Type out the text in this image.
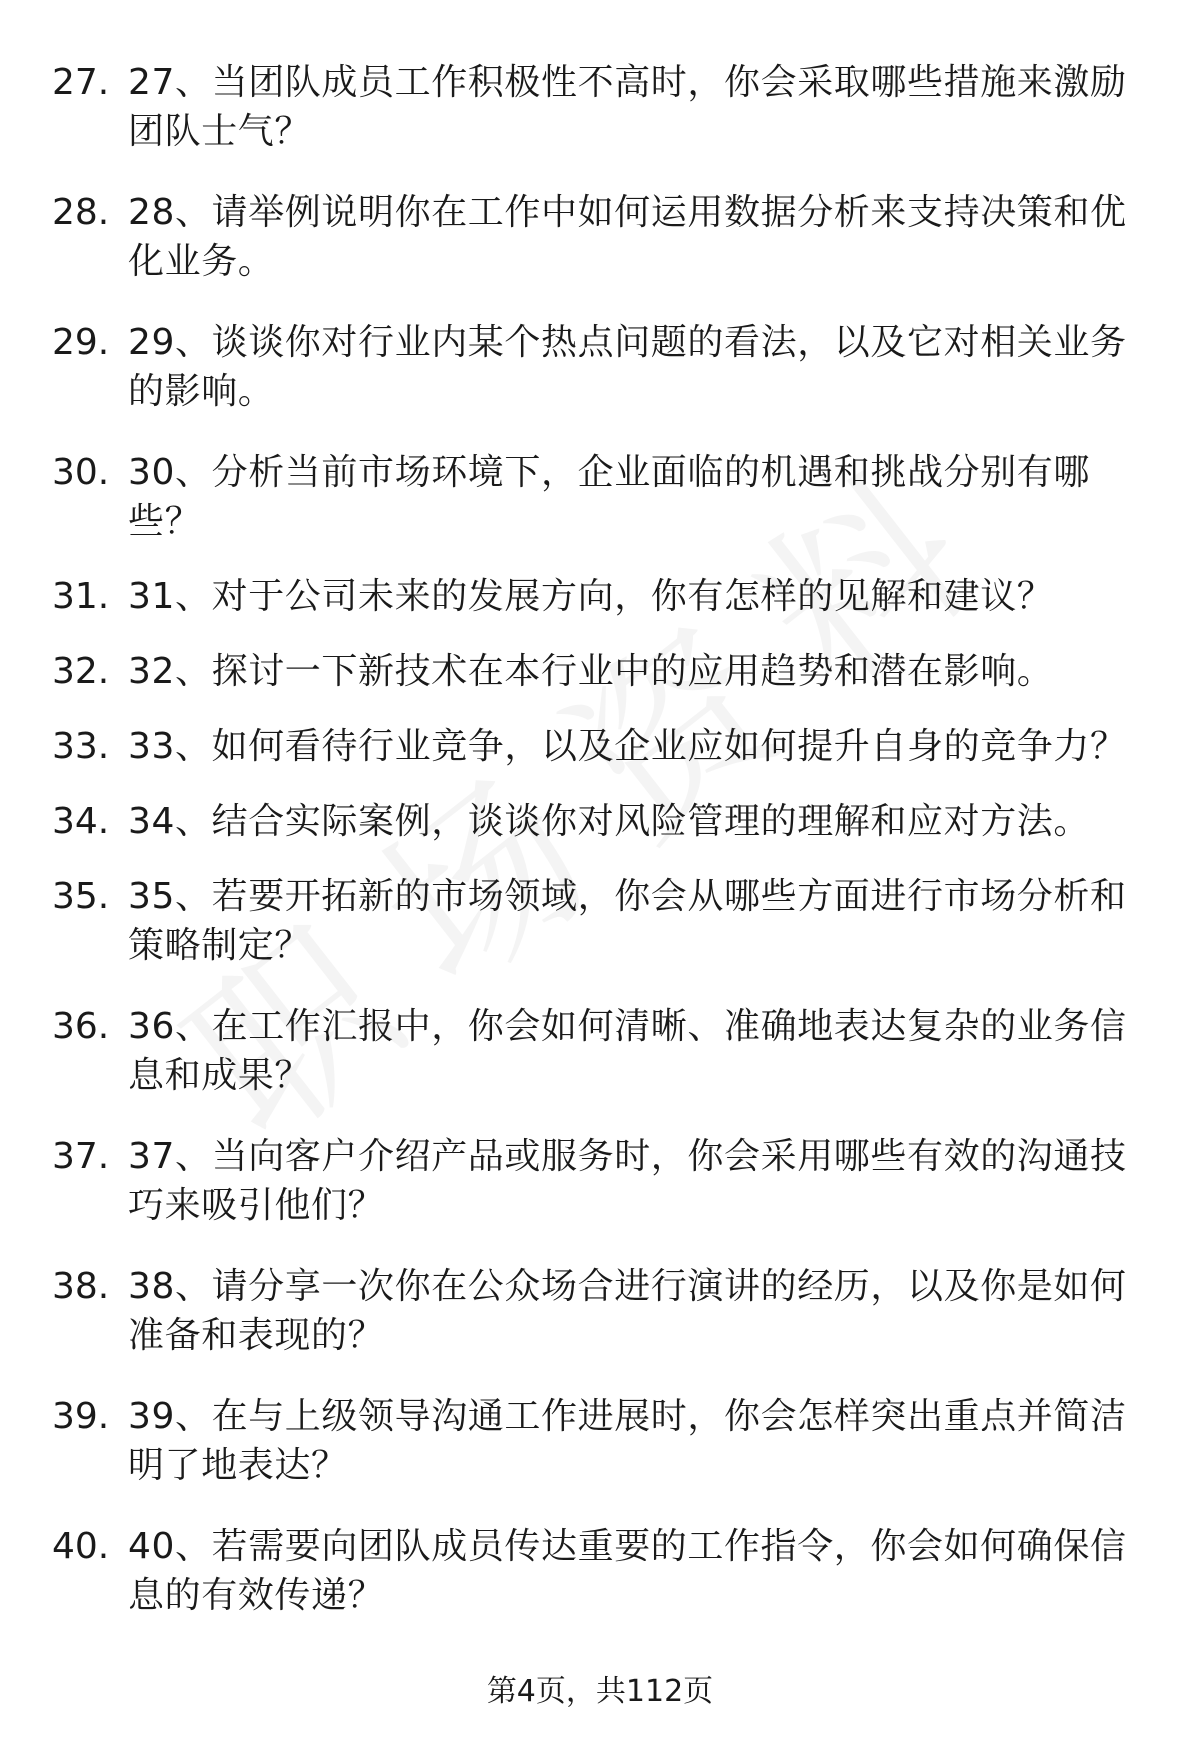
27. 27、当团队成员工作积极性不高时，你会采取哪些措施来激励团队士气？
28. 28、请举例说明你在工作中如何运用数据分析来支持决策和优化业务。
29. 29、谈谈你对行业内某个热点问题的看法，以及它对相关业务的影响。
30. 30、分析当前市场环境下，企业面临的机遇和挑战分别有哪些？
31. 31、对于公司未来的发展方向，你有怎样的见解和建议？
32. 32、探讨一下新技术在本行业中的应用趋势和潜在影响。
33. 33、如何看待行业竞争，以及企业应如何提升自身的竞争力？
34. 34、结合实际案例，谈谈你对风险管理的理解和应对方法。
35. 35、若要开拓新的市场领域，你会从哪些方面进行市场分析和策略制定？
36. 36、在工作汇报中，你会如何清晰、准确地表达复杂的业务信息和成果？
37. 37、当向客户介绍产品或服务时，你会采用哪些有效的沟通技巧来吸引他们？
38. 38、请分享一次你在公众场合进行演讲的经历，以及你是如何准备和表现的？
39. 39、在与上级领导沟通工作进展时，你会怎样突出重点并简洁明了地表达？
40. 40、若需要向团队成员传达重要的工作指令，你会如何确保信息的有效传递？
第4页，共112页
